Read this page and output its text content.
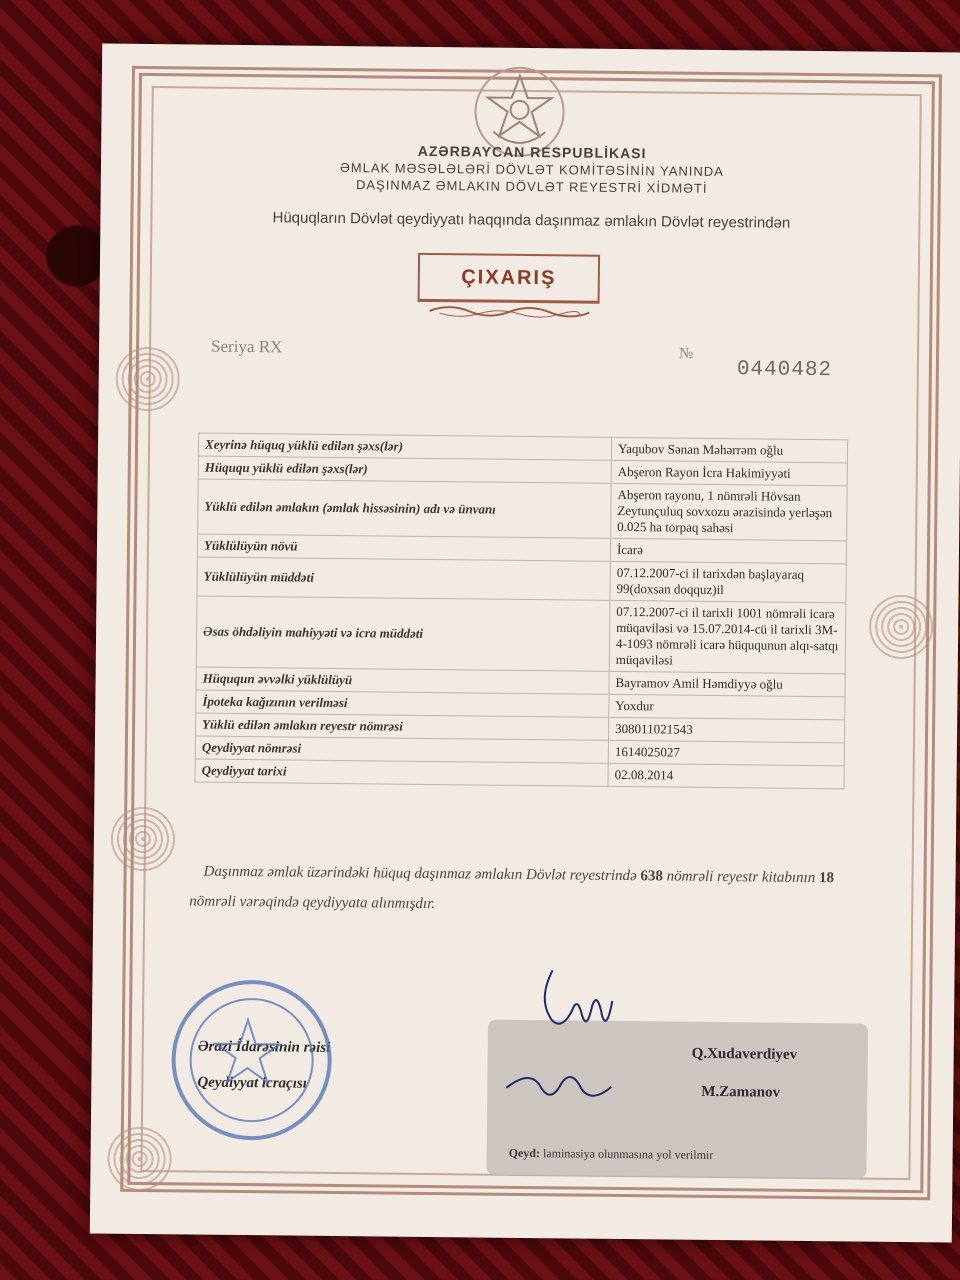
AZƏRBAYCAN RESPUBLİKASI
ƏMLAK MƏSƏLƏLƏRİ DÖVLƏT KOMİTƏSİNİN YANINDA
DAŞINMAZ ƏMLAKIN DÖVLƏT REYESTRİ XİDMƏTİ
Hüquqların Dövlət qeydiyyatı haqqında daşınmaz əmlakın Dövlət reyestrindən
ÇIXARIŞ
Seriya RX	№
0440482
Xeyrinə hüquq yüklü edilən şəxs(lər)	Yaqubov Sənan Məhərrəm oğlu
Hüququ yüklü edilən şəxs(lər)	Abşeron Rayon İcra Hakimiyyəti
Yüklü edilən əmlakın (əmlak hissəsinin) adı və ünvanı	Abşeron rayonu, 1 nömrəli Hövsan Zeytunçuluq sovxozu ərazisində yerləşən 0.025 ha torpaq sahəsi
Yüklülüyün növü	İcarə
Yüklülüyün müddəti	07.12.2007-ci il tarixdən başlayaraq 99(doxsan doqquz)il
Əsas öhdəliyin mahiyyəti və icra müddəti	07.12.2007-ci il tarixli 1001 nömrəli icarə müqaviləsi və 15.07.2014-cü il tarixli 3M-4-1093 nömrəli icarə hüququnun alqı-satqı müqaviləsi
Hüququn əvvəlki yüklülüyü	Bayramov Amil Həmdiyyə oğlu
İpoteka kağızının verilməsi	Yoxdur
Yüklü edilən əmlakın reyestr nömrəsi	308011021543
Qeydiyyat nömrəsi	1614025027
Qeydiyyat tarixi	02.08.2014
Daşınmaz əmlak üzərindəki hüquq daşınmaz əmlakın Dövlət reyestrində 638 nömrəli reyestr kitabının 18 nömrəli vərəqində qeydiyyata alınmışdır.
Ərazi İdarəsinin rəisi
Qeydiyyat icraçısı
Q.Xudaverdiyev
M.Zamanov
Qeyd: laminasiya olunmasına yol verilmir
